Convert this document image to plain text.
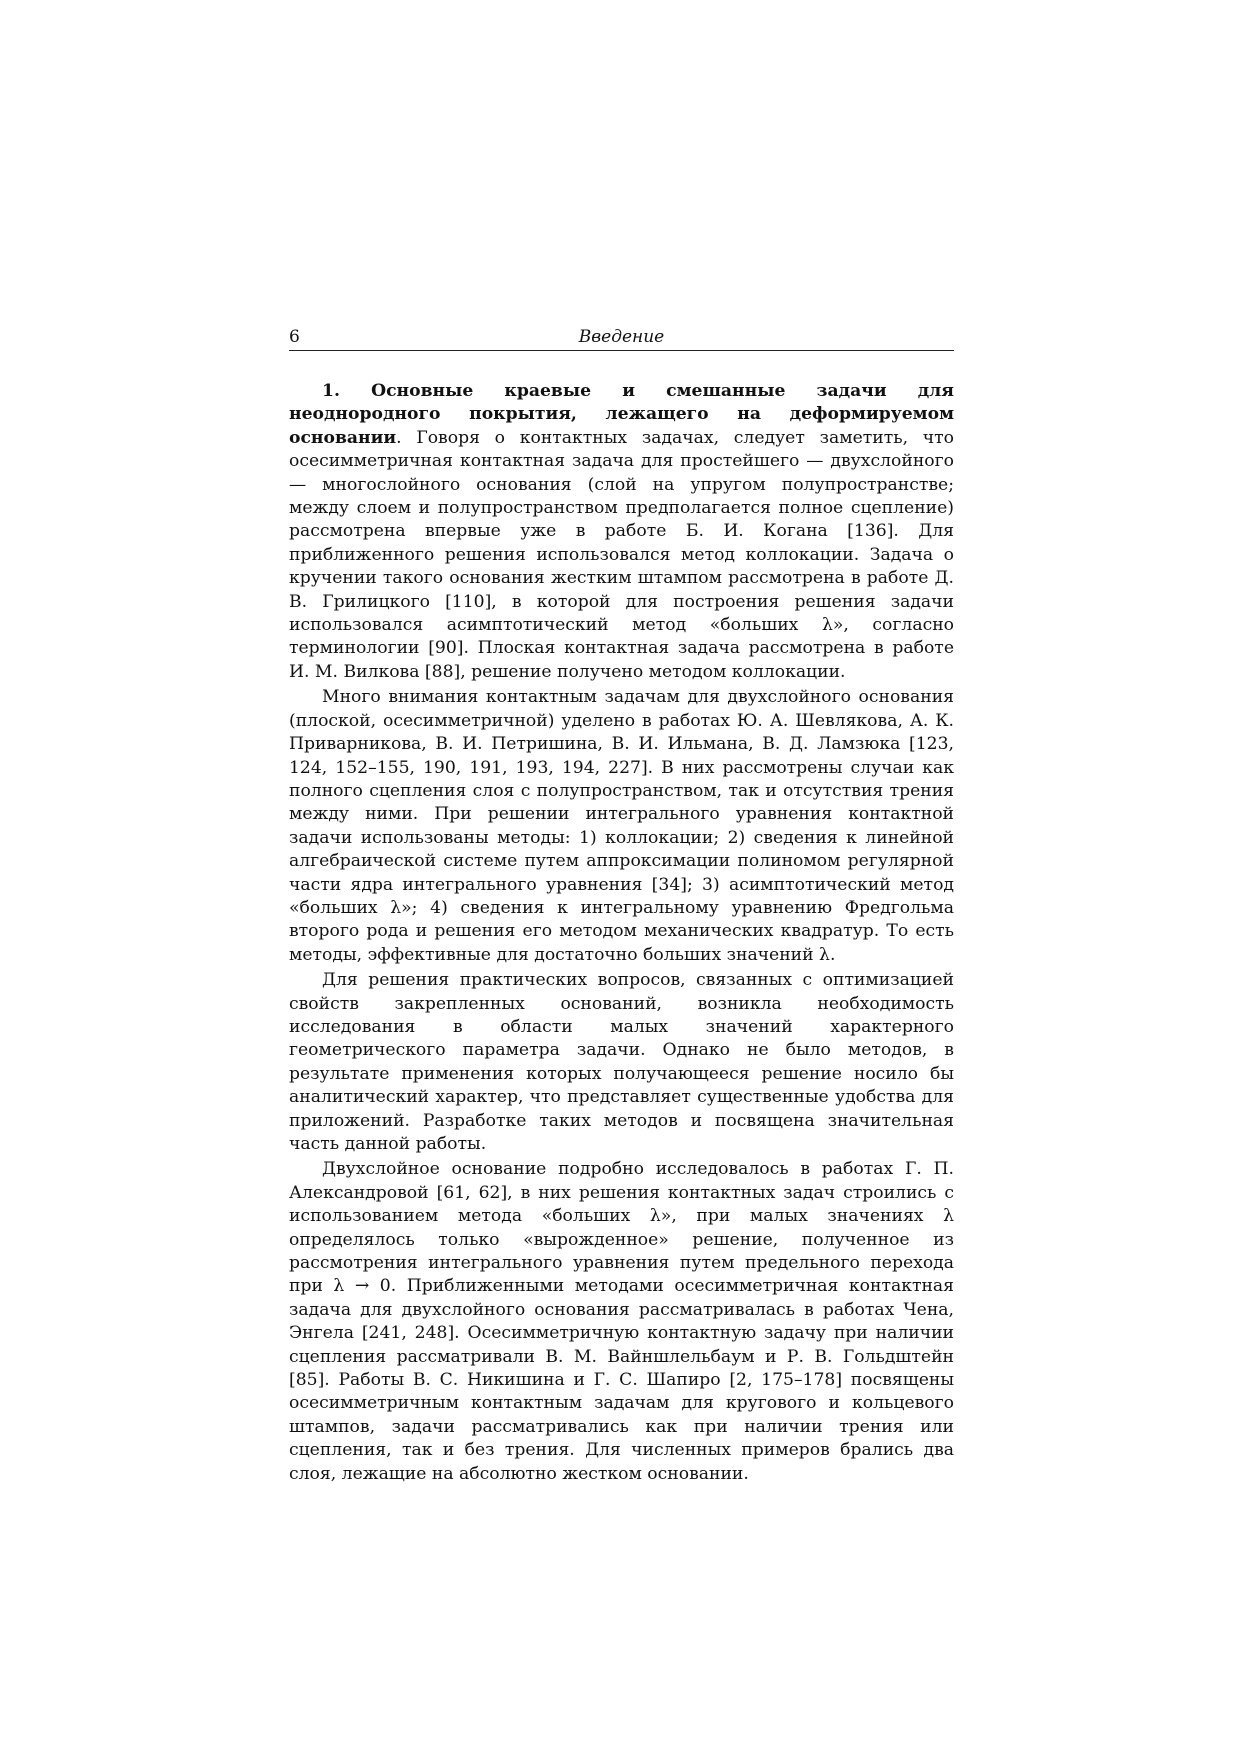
6	Введение

1. Основные краевые и смешанные задачи для неоднородного покрытия, лежащего на деформируемом основании. Говоря о контактных задачах, следует заметить, что осесимметричная контактная задача для простейшего — двухслойного — многослойного основания (слой на упругом полупространстве; между слоем и полупространством предполагается полное сцепление) рассмотрена впервые уже в работе Б. И. Когана [136]. Для приближенного решения использовался метод коллокации. Задача о кручении такого основания жестким штампом рассмотрена в работе Д. В. Грилицкого [110], в которой для построения решения задачи использовался асимптотический метод «больших λ», согласно терминологии [90]. Плоская контактная задача рассмотрена в работе И. М. Вилкова [88], решение получено методом коллокации.

Много внимания контактным задачам для двухслойного основания (плоской, осесимметричной) уделено в работах Ю. А. Шевлякова, А. К. Приварникова, В. И. Петришина, В. И. Ильмана, В. Д. Ламзюка [123, 124, 152–155, 190, 191, 193, 194, 227]. В них рассмотрены случаи как полного сцепления слоя с полупространством, так и отсутствия трения между ними. При решении интегрального уравнения контактной задачи использованы методы: 1) коллокации; 2) сведения к линейной алгебраической системе путем аппроксимации полиномом регулярной части ядра интегрального уравнения [34]; 3) асимптотический метод «больших λ»; 4) сведения к интегральному уравнению Фредгольма второго рода и решения его методом механических квадратур. То есть методы, эффективные для достаточно больших значений λ.

Для решения практических вопросов, связанных с оптимизацией свойств закрепленных оснований, возникла необходимость исследования в области малых значений характерного геометрического параметра задачи. Однако не было методов, в результате применения которых получающееся решение носило бы аналитический характер, что представляет существенные удобства для приложений. Разработке таких методов и посвящена значительная часть данной работы.

Двухслойное основание подробно исследовалось в работах Г. П. Александровой [61, 62], в них решения контактных задач строились с использованием метода «больших λ», при малых значениях λ определялось только «вырожденное» решение, полученное из рассмотрения интегрального уравнения путем предельного перехода при λ → 0. Приближенными методами осесимметричная контактная задача для двухслойного основания рассматривалась в работах Чена, Энгела [241, 248]. Осесимметричную контактную задачу при наличии сцепления рассматривали В. М. Вайншлельбаум и Р. В. Гольдштейн [85]. Работы В. С. Никишина и Г. С. Шапиро [2, 175–178] посвящены осесимметричным контактным задачам для кругового и кольцевого штампов, задачи рассматривались как при наличии трения или сцепления, так и без трения. Для численных примеров брались два слоя, лежащие на абсолютно жестком основании.
